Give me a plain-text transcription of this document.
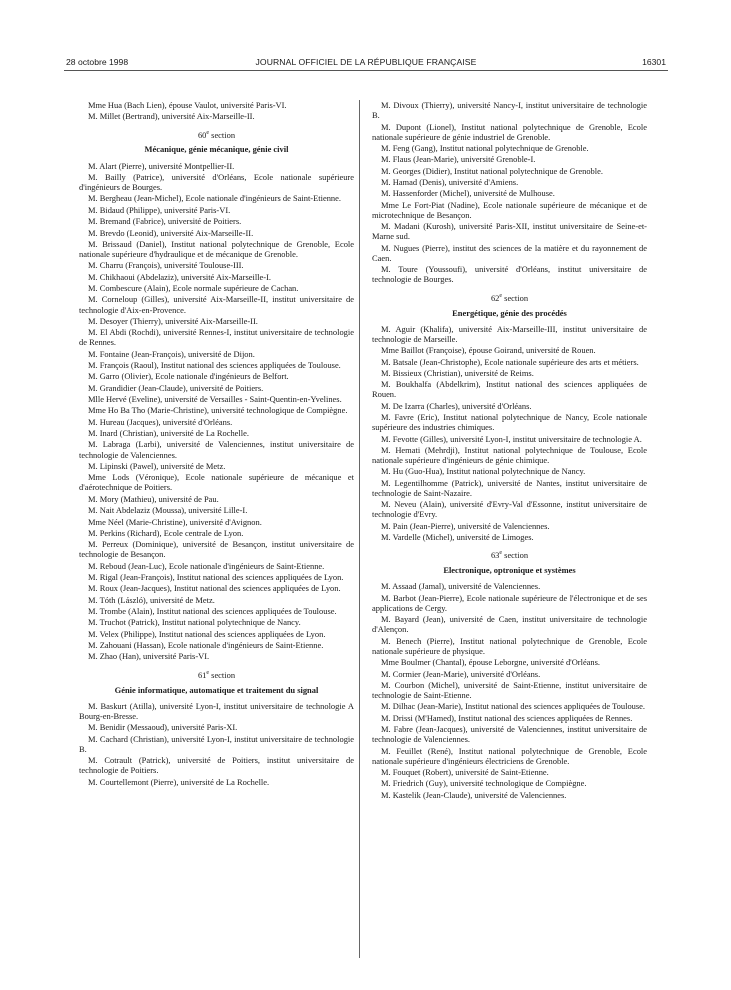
28 octobre 1998	JOURNAL OFFICIEL DE LA RÉPUBLIQUE FRANÇAISE	16301

Mme Hua (Bach Lien), épouse Vaulot, université Paris-VI.

M. Millet (Bertrand), université Aix-Marseille-II.

60e section

Mécanique, génie mécanique, génie civil

M. Alart (Pierre), université Montpellier-II.

M. Bailly (Patrice), université d'Orléans, Ecole nationale supérieure d'ingénieurs de Bourges.

M. Bergheau (Jean-Michel), Ecole nationale d'ingénieurs de Saint-Etienne.

M. Bidaud (Philippe), université Paris-VI.

M. Bremand (Fabrice), université de Poitiers.

M. Brevdo (Leonid), université Aix-Marseille-II.

M. Brissaud (Daniel), Institut national polytechnique de Grenoble, Ecole nationale supérieure d'hydraulique et de mécanique de Grenoble.

M. Charru (François), université Toulouse-III.

M. Chikhaoui (Abdelaziz), université Aix-Marseille-I.

M. Combescure (Alain), Ecole normale supérieure de Cachan.

M. Corneloup (Gilles), université Aix-Marseille-II, institut universitaire de technologie d'Aix-en-Provence.

M. Desoyer (Thierry), université Aix-Marseille-II.

M. El Abdi (Rochdi), université Rennes-I, institut universitaire de technologie de Rennes.

M. Fontaine (Jean-François), université de Dijon.

M. François (Raoul), Institut national des sciences appliquées de Toulouse.

M. Garro (Olivier), Ecole nationale d'ingénieurs de Belfort.

M. Grandidier (Jean-Claude), université de Poitiers.

Mlle Hervé (Eveline), université de Versailles - Saint-Quentin-en-Yvelines.

Mme Ho Ba Tho (Marie-Christine), université technologique de Compiègne.

M. Hureau (Jacques), université d'Orléans.

M. Inard (Christian), université de La Rochelle.

M. Labraga (Larbi), université de Valenciennes, institut universitaire de technologie de Valenciennes.

M. Lipinski (Pawel), université de Metz.

Mme Lods (Véronique), Ecole nationale supérieure de mécanique et d'aérotechnique de Poitiers.

M. Mory (Mathieu), université de Pau.

M. Nait Abdelaziz (Moussa), université Lille-I.

Mme Néel (Marie-Christine), université d'Avignon.

M. Perkins (Richard), Ecole centrale de Lyon.

M. Perreux (Dominique), université de Besançon, institut universitaire de technologie de Besançon.

M. Reboud (Jean-Luc), Ecole nationale d'ingénieurs de Saint-Etienne.

M. Rigal (Jean-François), Institut national des sciences appliquées de Lyon.

M. Roux (Jean-Jacques), Institut national des sciences appliquées de Lyon.

M. Tóth (László), université de Metz.

M. Trombe (Alain), Institut national des sciences appliquées de Toulouse.

M. Truchot (Patrick), Institut national polytechnique de Nancy.

M. Velex (Philippe), Institut national des sciences appliquées de Lyon.

M. Zahouani (Hassan), Ecole nationale d'ingénieurs de Saint-Etienne.

M. Zhao (Han), université Paris-VI.

61e section

Génie informatique, automatique et traitement du signal

M. Baskurt (Atilla), université Lyon-I, institut universitaire de technologie A Bourg-en-Bresse.

M. Benidir (Messaoud), université Paris-XI.

M. Cachard (Christian), université Lyon-I, institut universitaire de technologie B.

M. Cotrault (Patrick), université de Poitiers, institut universitaire de technologie de Poitiers.

M. Courtellemont (Pierre), université de La Rochelle.

M. Divoux (Thierry), université Nancy-I, institut universitaire de technologie B.

M. Dupont (Lionel), Institut national polytechnique de Grenoble, Ecole nationale supérieure de génie industriel de Grenoble.

M. Feng (Gang), Institut national polytechnique de Grenoble.

M. Flaus (Jean-Marie), université Grenoble-I.

M. Georges (Didier), Institut national polytechnique de Grenoble.

M. Hamad (Denis), université d'Amiens.

M. Hassenforder (Michel), université de Mulhouse.

Mme Le Fort-Piat (Nadine), Ecole nationale supérieure de mécanique et de microtechnique de Besançon.

M. Madani (Kurosh), université Paris-XII, institut universitaire de Seine-et-Marne sud.

M. Nugues (Pierre), institut des sciences de la matière et du rayonnement de Caen.

M. Toure (Youssoufi), université d'Orléans, institut universitaire de technologie de Bourges.

62e section

Energétique, génie des procédés

M. Aguir (Khalifa), université Aix-Marseille-III, institut universitaire de technologie de Marseille.

Mme Baillot (Françoise), épouse Goirand, université de Rouen.

M. Batsale (Jean-Christophe), Ecole nationale supérieure des arts et métiers.

M. Bissieux (Christian), université de Reims.

M. Boukhalfa (Abdelkrim), Institut national des sciences appliquées de Rouen.

M. De Izarra (Charles), université d'Orléans.

M. Favre (Eric), Institut national polytechnique de Nancy, Ecole nationale supérieure des industries chimiques.

M. Fevotte (Gilles), université Lyon-I, institut universitaire de technologie A.

M. Hemati (Mehrdji), Institut national polytechnique de Toulouse, Ecole nationale supérieure d'ingénieurs de génie chimique.

M. Hu (Guo-Hua), Institut national polytechnique de Nancy.

M. Legentilhomme (Patrick), université de Nantes, institut universitaire de technologie de Saint-Nazaire.

M. Neveu (Alain), université d'Evry-Val d'Essonne, institut universitaire de technologie d'Evry.

M. Pain (Jean-Pierre), université de Valenciennes.

M. Vardelle (Michel), université de Limoges.

63e section

Electronique, optronique et systèmes

M. Assaad (Jamal), université de Valenciennes.

M. Barbot (Jean-Pierre), Ecole nationale supérieure de l'électronique et de ses applications de Cergy.

M. Bayard (Jean), université de Caen, institut universitaire de technologie d'Alençon.

M. Benech (Pierre), Institut national polytechnique de Grenoble, Ecole nationale supérieure de physique.

Mme Boulmer (Chantal), épouse Leborgne, université d'Orléans.

M. Cormier (Jean-Marie), université d'Orléans.

M. Courbon (Michel), université de Saint-Etienne, institut universitaire de technologie de Saint-Etienne.

M. Dilhac (Jean-Marie), Institut national des sciences appliquées de Toulouse.

M. Drissi (M'Hamed), Institut national des sciences appliquées de Rennes.

M. Fabre (Jean-Jacques), université de Valenciennes, institut universitaire de technologie de Valenciennes.

M. Feuillet (René), Institut national polytechnique de Grenoble, Ecole nationale supérieure d'ingénieurs électriciens de Grenoble.

M. Fouquet (Robert), université de Saint-Etienne.

M. Friedrich (Guy), université technologique de Compiègne.

M. Kastelik (Jean-Claude), université de Valenciennes.
